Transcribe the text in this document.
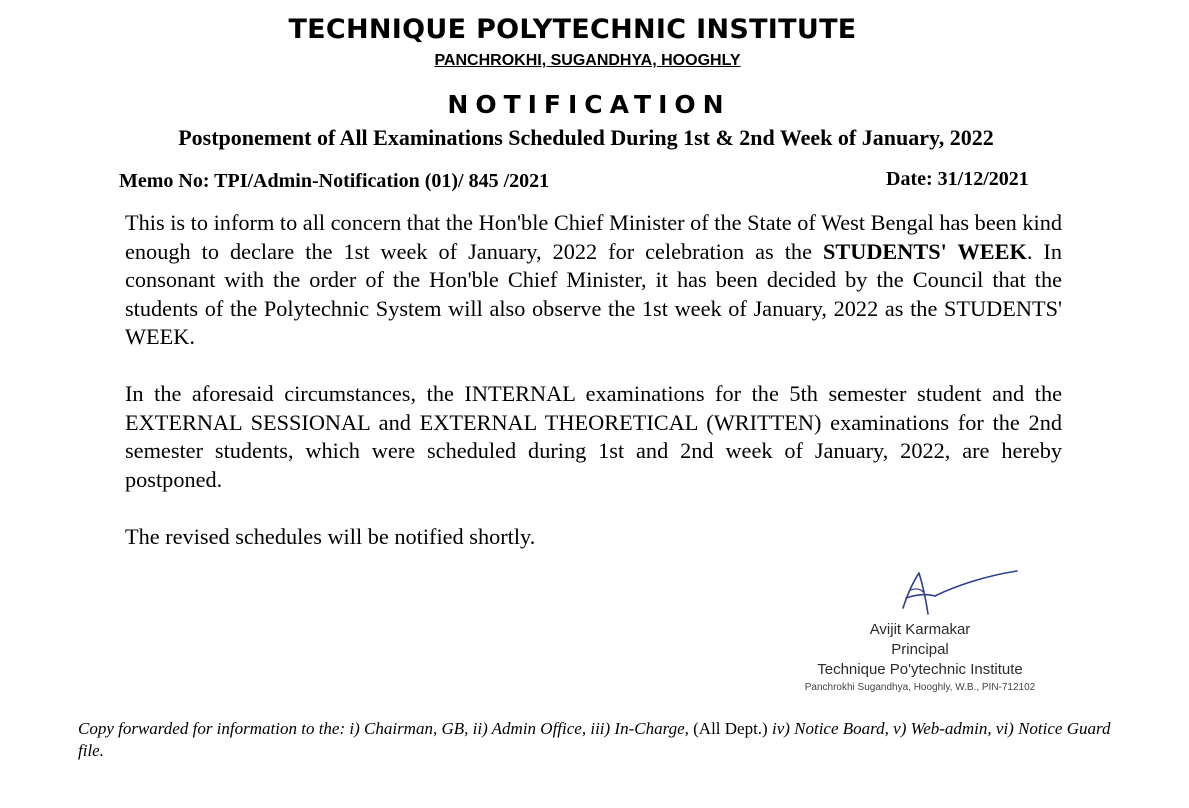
TECHNIQUE POLYTECHNIC INSTITUTE
PANCHROKHI, SUGANDHYA, HOOGHLY
NOTIFICATION
Postponement of All Examinations Scheduled During 1st & 2nd Week of January, 2022
Memo No: TPI/Admin-Notification (01)/ 845 /2021	Date: 31/12/2021

This is to inform to all concern that the Hon'ble Chief Minister of the State of West Bengal has been kind enough to declare the 1st week of January, 2022 for celebration as the STUDENTS' WEEK. In consonant with the order of the Hon'ble Chief Minister, it has been decided by the Council that the students of the Polytechnic System will also observe the 1st week of January, 2022 as the STUDENTS' WEEK.

In the aforesaid circumstances, the INTERNAL examinations for the 5th semester student and the EXTERNAL SESSIONAL and EXTERNAL THEORETICAL (WRITTEN) examinations for the 2nd semester students, which were scheduled during 1st and 2nd week of January, 2022, are hereby postponed.

The revised schedules will be notified shortly.

Avijit Karmakar
Principal
Technique Po'ytechnic Institute
Panchrokhi Sugandhya, Hooghly, W.B., PIN-712102
Copy forwarded for information to the: i) Chairman, GB, ii) Admin Office, iii) In-Charge, (All Dept.) iv) Notice Board, v) Web-admin, vi) Notice Guard file.
